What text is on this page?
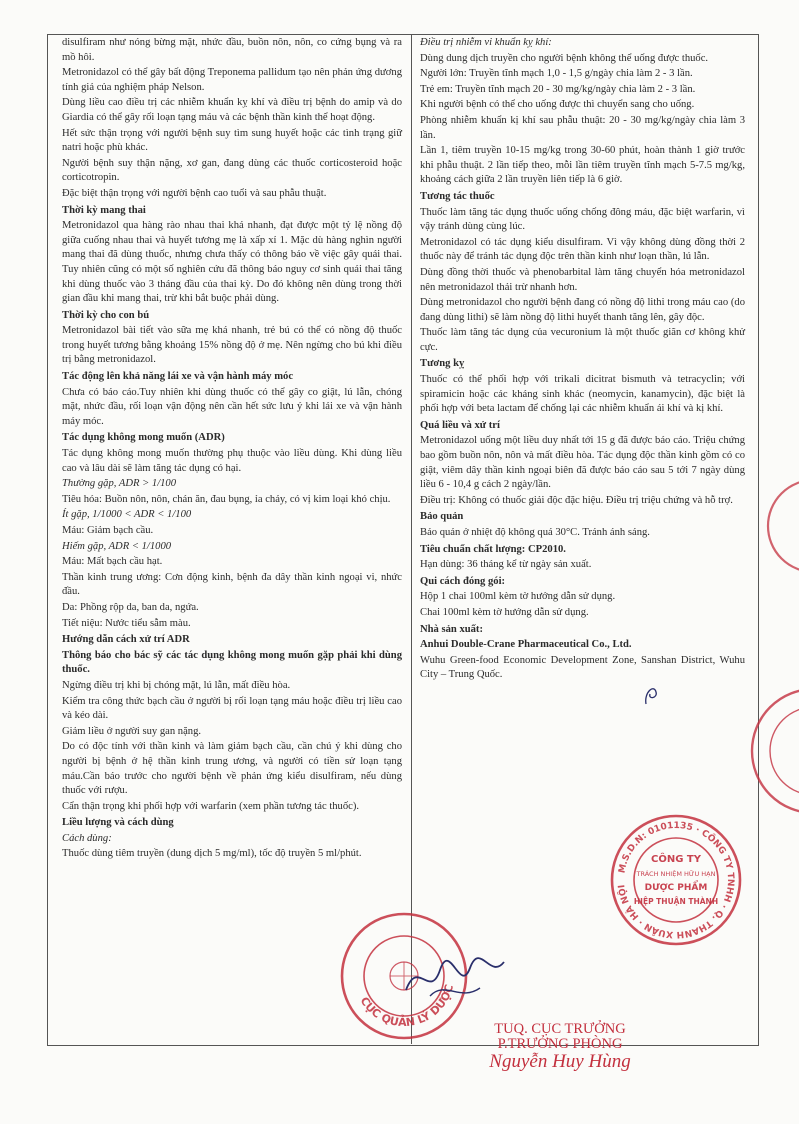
disulfiram như nóng bừng mặt, nhức đầu, buồn nôn, nôn, co cứng bụng và ra mồ hôi.

Metronidazol có thể gây bất động Treponema pallidum tạo nên phản ứng dương tính giả của nghiệm pháp Nelson.

Dùng liều cao điều trị các nhiễm khuẩn kỵ khí và điều trị bệnh do amip và do Giardia có thể gây rối loạn tạng máu và các bệnh thần kinh thể hoạt động.

Hết sức thận trọng với người bệnh suy tìm sung huyết hoặc các tình trạng giữ natri hoặc phù khác.

Người bệnh suy thận nặng, xơ gan, đang dùng các thuốc corticosteroid hoặc corticotropin.

Đặc biệt thận trọng với người bệnh cao tuổi và sau phẫu thuật.

Thời kỳ mang thai

Metronidazol qua hàng rào nhau thai khá nhanh, đạt được một tỷ lệ nồng độ giữa cuống nhau thai và huyết tương mẹ là xấp xỉ 1. Mặc dù hàng nghìn người mang thai đã dùng thuốc, nhưng chưa thấy có thông báo về việc gây quái thai. Tuy nhiên cũng có một số nghiên cứu đã thông báo nguy cơ sinh quái thai tăng khi dùng thuốc vào 3 tháng đầu của thai kỳ. Do đó không nên dùng trong thời gian đầu khi mang thai, trừ khi bắt buộc phải dùng.

Thời kỳ cho con bú

Metronidazol bài tiết vào sữa mẹ khá nhanh, trẻ bú có thể có nồng độ thuốc trong huyết tương bằng khoảng 15% nồng độ ở mẹ. Nên ngừng cho bú khi điều trị bằng metronidazol.

Tác động lên khả năng lái xe và vận hành máy móc

Chưa có báo cáo.Tuy nhiên khi dùng thuốc có thể gây co giật, lú lẫn, chóng mặt, nhức đầu, rối loạn vận động nên cần hết sức lưu ý khi lái xe và vận hành máy móc.

Tác dụng không mong muốn (ADR)

Tác dụng không mong muốn thường phụ thuộc vào liều dùng. Khi dùng liều cao và lâu dài sẽ làm tăng tác dụng có hại.

Thường gặp, ADR > 1/100

Tiêu hóa: Buồn nôn, nôn, chán ăn, đau bụng, ỉa chảy, có vị kim loại khó chịu.

Ít gặp, 1/1000 < ADR < 1/100

Máu: Giảm bạch cầu.

Hiếm gặp, ADR < 1/1000

Máu: Mất bạch cầu hạt.

Thần kinh trung ương: Cơn động kinh, bệnh đa dây thần kinh ngoại vi, nhức đầu.

Da: Phồng rộp da, ban da, ngứa.

Tiết niệu: Nước tiểu sẫm màu.

Hướng dẫn cách xử trí ADR

Thông báo cho bác sỹ các tác dụng không mong muốn gặp phải khi dùng thuốc.

Ngừng điều trị khi bị chóng mặt, lú lẫn, mất điều hòa.

Kiểm tra công thức bạch cầu ở người bị rối loạn tạng máu hoặc điều trị liều cao và kéo dài.

Giảm liều ở người suy gan nặng.

Do có độc tính với thần kinh và làm giảm bạch cầu, cần chú ý khi dùng cho người bị bệnh ở hệ thần kinh trung ương, và người có tiền sử loạn tạng máu.Cần báo trước cho người bệnh về phản ứng kiểu disulfiram, nếu dùng thuốc với rượu.

Cẩn thận trọng khi phối hợp với warfarin (xem phần tương tác thuốc).

Liều lượng và cách dùng

Cách dùng:

Thuốc dùng tiêm truyền (dung dịch 5 mg/ml), tốc độ truyền 5 ml/phút.

Điều trị nhiễm vi khuẩn kỵ khí:

Dùng dung dịch truyền cho người bệnh không thể uống được thuốc.

Người lớn: Truyền tĩnh mạch 1,0 - 1,5 g/ngày chia làm 2 - 3 lần.

Trẻ em: Truyền tĩnh mạch 20 - 30 mg/kg/ngày chia làm 2 - 3 lần.

Khi người bệnh có thể cho uống được thì chuyển sang cho uống.

Phòng nhiễm khuẩn kị khí sau phẫu thuật: 20 - 30 mg/kg/ngày chia làm 3 lần.

Lần 1, tiêm truyền 10-15 mg/kg trong 30-60 phút, hoàn thành 1 giờ trước khi phẫu thuật. 2 lần tiếp theo, mỗi lần tiêm truyền tĩnh mạch 5-7.5 mg/kg, khoảng cách giữa 2 lần truyền liên tiếp là 6 giờ.

Tương tác thuốc

Thuốc làm tăng tác dụng thuốc uống chống đông máu, đặc biệt warfarin, vì vậy tránh dùng cùng lúc.

Metronidazol có tác dụng kiểu disulfiram. Vì vậy không dùng đồng thời 2 thuốc này để tránh tác dụng độc trên thần kinh như loạn thần, lú lẫn.

Dùng đồng thời thuốc và phenobarbital làm tăng chuyển hóa metronidazol nên metronidazol thải trừ nhanh hơn.

Dùng metronidazol cho người bệnh đang có nồng độ lithi trong máu cao (do đang dùng lithi) sẽ làm nồng độ lithi huyết thanh tăng lên, gây độc.

Thuốc làm tăng tác dụng của vecuronium là một thuốc giãn cơ không khử cực.

Tương kỵ

Thuốc có thể phối hợp với trikali dicitrat bismuth và tetracyclin; với spiramicin hoặc các kháng sinh khác (neomycin, kanamycin), đặc biệt là phối hợp với beta lactam để chống lại các nhiễm khuẩn ái khí và kị khí.

Quá liều và xử trí

Metronidazol uống một liều duy nhất tới 15 g đã được báo cáo. Triệu chứng bao gồm buồn nôn, nôn và mất điều hòa. Tác dụng độc thần kinh gồm có co giật, viêm dây thần kinh ngoại biên đã được báo cáo sau 5 tới 7 ngày dùng liều 6 - 10,4 g cách 2 ngày/lần.

Điều trị: Không có thuốc giải độc đặc hiệu. Điều trị triệu chứng và hỗ trợ.

Bảo quản

Bảo quản ở nhiệt độ không quá 30°C. Tránh ánh sáng.

Tiêu chuẩn chất lượng: CP2010.

Hạn dùng: 36 tháng kể từ ngày sản xuất.

Qui cách đóng gói:

Hộp 1 chai 100ml kèm tờ hướng dẫn sử dụng.

Chai 100ml kèm tờ hướng dẫn sử dụng.

Nhà sản xuất:

Anhui Double-Crane Pharmaceutical Co., Ltd.

Wuhu Green-food Economic Development Zone, Sanshan District, Wuhu City – Trung Quốc.

CỤC QUẢN LÝ DƯỢC
M.S.D.N: 0101135 · CÔNG TY TNHH · Q. THANH XUÂN · HÀ NỘI
CÔNG TY
TRÁCH NHIỆM HỮU HẠN
DƯỢC PHẨM
HIỆP THUẬN THÀNH
TUQ. CỤC TRƯỞNG
P.TRƯỞNG PHÒNG
Nguyễn Huy Hùng
